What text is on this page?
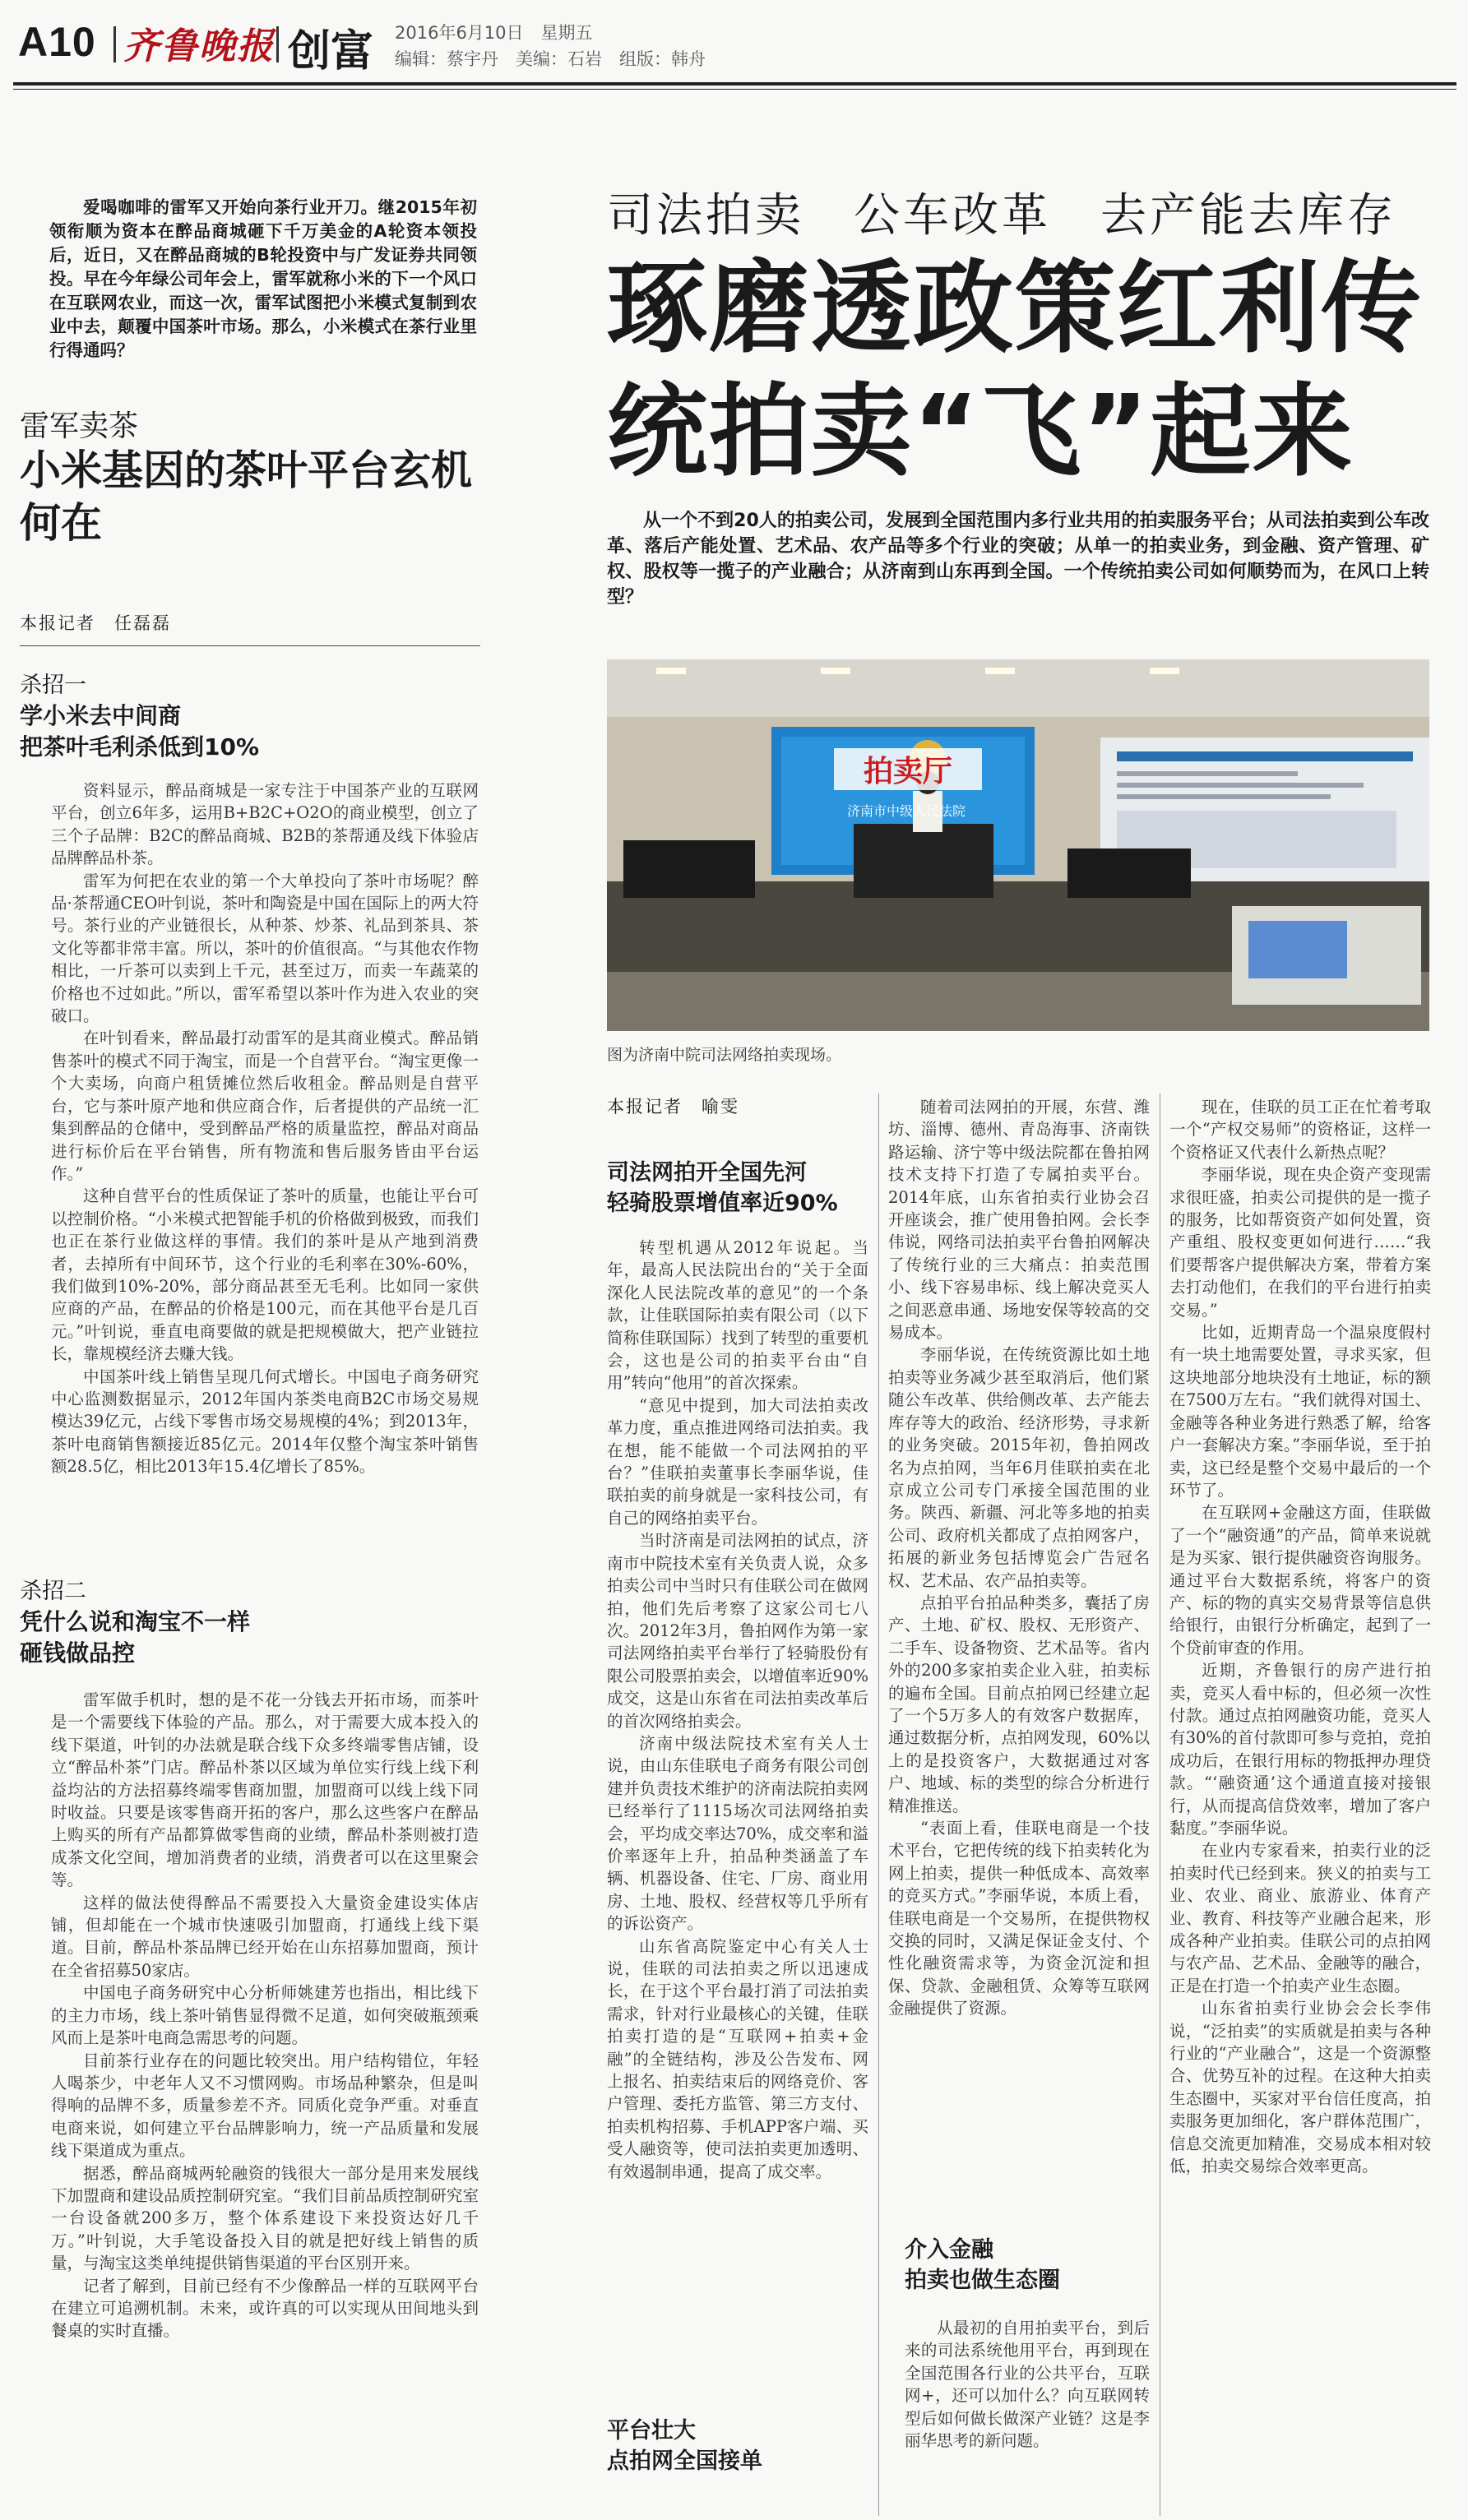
A10 齐鲁晚报 创富 2016年6月10日　 星期五
编辑：蔡宇丹　美编：石岩　组版：韩舟
爱喝咖啡的雷军又开始向茶行业开刀。继2015年初领衔顺为资本在醉品商城砸下千万美金的A轮资本领投后，近日，又在醉品商城的B轮投资中与广发证券共同领投。早在今年绿公司年会上，雷军就称小米的下一个风口在互联网农业，而这一次，雷军试图把小米模式复制到农业中去，颠覆中国茶叶市场。那么，小米模式在茶行业里行得通吗？
雷军卖茶
小米基因的茶叶平台玄机何在
本报记者　任磊磊
杀招一
学小米去中间商
把茶叶毛利杀低到10%

资料显示，醉品商城是一家专注于中国茶产业的互联网平台，创立6年多，运用B+B2C+O2O的商业模型，创立了三个子品牌：B2C的醉品商城、B2B的茶帮通及线下体验店品牌醉品朴茶。

雷军为何把在农业的第一个大单投向了茶叶市场呢？醉品·茶帮通CEO叶钊说，茶叶和陶瓷是中国在国际上的两大符号。茶行业的产业链很长，从种茶、炒茶、礼品到茶具、茶文化等都非常丰富。所以，茶叶的价值很高。“与其他农作物相比，一斤茶可以卖到上千元，甚至过万，而卖一车蔬菜的价格也不过如此。”所以，雷军希望以茶叶作为进入农业的突破口。

在叶钊看来，醉品最打动雷军的是其商业模式。醉品销售茶叶的模式不同于淘宝，而是一个自营平台。“淘宝更像一个大卖场，向商户租赁摊位然后收租金。醉品则是自营平台，它与茶叶原产地和供应商合作，后者提供的产品统一汇集到醉品的仓储中，受到醉品严格的质量监控，醉品对商品进行标价后在平台销售，所有物流和售后服务皆由平台运作。”

这种自营平台的性质保证了茶叶的质量，也能让平台可以控制价格。“小米模式把智能手机的价格做到极致，而我们也正在茶行业做这样的事情。我们的茶叶是从产地到消费者，去掉所有中间环节，这个行业的毛利率在30%-60%，我们做到10%-20%，部分商品甚至无毛利。比如同一家供应商的产品，在醉品的价格是100元，而在其他平台是几百元。”叶钊说，垂直电商要做的就是把规模做大，把产业链拉长，靠规模经济去赚大钱。

中国茶叶线上销售呈现几何式增长。中国电子商务研究中心监测数据显示，2012年国内茶类电商B2C市场交易规模达39亿元，占线下零售市场交易规模的4%；到2013年，茶叶电商销售额接近85亿元。2014年仅整个淘宝茶叶销售额28.5亿，相比2013年15.4亿增长了85%。

杀招二
凭什么说和淘宝不一样
砸钱做品控

雷军做手机时，想的是不花一分钱去开拓市场，而茶叶是一个需要线下体验的产品。那么，对于需要大成本投入的线下渠道，叶钊的办法就是联合线下众多终端零售店铺，设立“醉品朴茶”门店。醉品朴茶以区域为单位实行线上线下利益均沾的方法招募终端零售商加盟，加盟商可以线上线下同时收益。只要是该零售商开拓的客户，那么这些客户在醉品上购买的所有产品都算做零售商的业绩，醉品朴茶则被打造成茶文化空间，增加消费者的业绩，消费者可以在这里聚会等。

这样的做法使得醉品不需要投入大量资金建设实体店铺，但却能在一个城市快速吸引加盟商，打通线上线下渠道。目前，醉品朴茶品牌已经开始在山东招募加盟商，预计在全省招募50家店。

中国电子商务研究中心分析师姚建芳也指出，相比线下的主力市场，线上茶叶销售显得微不足道，如何突破瓶颈乘风而上是茶叶电商急需思考的问题。

目前茶行业存在的问题比较突出。用户结构错位，年轻人喝茶少，中老年人又不习惯网购。市场品种繁杂，但是叫得响的品牌不多，质量参差不齐。同质化竞争严重。对垂直电商来说，如何建立平台品牌影响力，统一产品质量和发展线下渠道成为重点。

据悉，醉品商城两轮融资的钱很大一部分是用来发展线下加盟商和建设品质控制研究室。“我们目前品质控制研究室一台设备就200多万，整个体系建设下来投资达好几千万。”叶钊说，大手笔设备投入目的就是把好线上销售的质量，与淘宝这类单纯提供销售渠道的平台区别开来。

记者了解到，目前已经有不少像醉品一样的互联网平台在建立可追溯机制。未来，或许真的可以实现从田间地头到餐桌的实时直播。

司法拍卖　公车改革　去产能去库存
琢磨透政策红利传统拍卖“飞”起来
从一个不到20人的拍卖公司，发展到全国范围内多行业共用的拍卖服务平台；从司法拍卖到公车改革、落后产能处置、艺术品、农产品等多个行业的突破；从单一的拍卖业务，到金融、资产管理、矿权、股权等一揽子的产业融合；从济南到山东再到全国。一个传统拍卖公司如何顺势而为，在风口上转型？
拍卖厅
济南市中级人民法院
图为济南中院司法网络拍卖现场。
本报记者　喻雯
司法网拍开全国先河
轻骑股票增值率近90%

转型机遇从2012年说起。当年，最高人民法院出台的“关于全面深化人民法院改革的意见”的一个条款，让佳联国际拍卖有限公司（以下简称佳联国际）找到了转型的重要机会，这也是公司的拍卖平台由“自用”转向“他用”的首次探索。

“意见中提到，加大司法拍卖改革力度，重点推进网络司法拍卖。我在想，能不能做一个司法网拍的平台？”佳联拍卖董事长李丽华说，佳联拍卖的前身就是一家科技公司，有自己的网络拍卖平台。

当时济南是司法网拍的试点，济南市中院技术室有关负责人说，众多拍卖公司中当时只有佳联公司在做网拍，他们先后考察了这家公司七八次。2012年3月，鲁拍网作为第一家司法网络拍卖平台举行了轻骑股份有限公司股票拍卖会，以增值率近90%成交，这是山东省在司法拍卖改革后的首次网络拍卖会。

济南中级法院技术室有关人士说，由山东佳联电子商务有限公司创建并负责技术维护的济南法院拍卖网已经举行了1115场次司法网络拍卖会，平均成交率达70%，成交率和溢价率逐年上升，拍品种类涵盖了车辆、机器设备、住宅、厂房、商业用房、土地、股权、经营权等几乎所有的诉讼资产。

山东省高院鉴定中心有关人士说，佳联的司法拍卖之所以迅速成长，在于这个平台最打消了司法拍卖需求，针对行业最核心的关键，佳联拍卖打造的是“互联网+拍卖+金融”的全链结构，涉及公告发布、网上报名、拍卖结束后的网络竞价、客户管理、委托方监管、第三方支付、拍卖机构招募、手机APP客户端、买受人融资等，使司法拍卖更加透明、有效遏制串通，提高了成交率。

平台壮大
点拍网全国接单

随着司法网拍的开展，东营、潍坊、淄博、德州、青岛海事、济南铁路运输、济宁等中级法院都在鲁拍网技术支持下打造了专属拍卖平台。2014年底，山东省拍卖行业协会召开座谈会，推广使用鲁拍网。会长李伟说，网络司法拍卖平台鲁拍网解决了传统行业的三大痛点：拍卖范围小、线下容易串标、线上解决竞买人之间恶意串通、场地安保等较高的交易成本。

李丽华说，在传统资源比如土地拍卖等业务减少甚至取消后，他们紧随公车改革、供给侧改革、去产能去库存等大的政治、经济形势，寻求新的业务突破。2015年初，鲁拍网改名为点拍网，当年6月佳联拍卖在北京成立公司专门承接全国范围的业务。陕西、新疆、河北等多地的拍卖公司、政府机关都成了点拍网客户，拓展的新业务包括博览会广告冠名权、艺术品、农产品拍卖等。

点拍平台拍品种类多，囊括了房产、土地、矿权、股权、无形资产、二手车、设备物资、艺术品等。省内外的200多家拍卖企业入驻，拍卖标的遍布全国。目前点拍网已经建立起了一个5万多人的有效客户数据库，通过数据分析，点拍网发现，60%以上的是投资客户，大数据通过对客户、地域、标的类型的综合分析进行精准推送。

“表面上看，佳联电商是一个技术平台，它把传统的线下拍卖转化为网上拍卖，提供一种低成本、高效率的竞买方式。”李丽华说，本质上看，佳联电商是一个交易所，在提供物权交换的同时，又满足保证金支付、个性化融资需求等，为资金沉淀和担保、贷款、金融租赁、众筹等互联网金融提供了资源。

介入金融
拍卖也做生态圈

从最初的自用拍卖平台，到后来的司法系统他用平台，再到现在全国范围各行业的公共平台，互联网+，还可以加什么？向互联网转型后如何做长做深产业链？这是李丽华思考的新问题。

现在，佳联的员工正在忙着考取一个“产权交易师”的资格证，这样一个资格证又代表什么新热点呢？

李丽华说，现在央企资产变现需求很旺盛，拍卖公司提供的是一揽子的服务，比如帮资资产如何处置，资产重组、股权变更如何进行……“我们要帮客户提供解决方案，带着方案去打动他们，在我们的平台进行拍卖交易。”

比如，近期青岛一个温泉度假村有一块土地需要处置，寻求买家，但这块地部分地块没有土地证，标的额在7500万左右。“我们就得对国土、金融等各种业务进行熟悉了解，给客户一套解决方案。”李丽华说，至于拍卖，这已经是整个交易中最后的一个环节了。

在互联网+金融这方面，佳联做了一个“融资通”的产品，简单来说就是为买家、银行提供融资咨询服务。通过平台大数据系统，将客户的资产、标的物的真实交易背景等信息供给银行，由银行分析确定，起到了一个贷前审查的作用。

近期，齐鲁银行的房产进行拍卖，竞买人看中标的，但必须一次性付款。通过点拍网融资功能，竞买人有30%的首付款即可参与竞拍，竞拍成功后，在银行用标的物抵押办理贷款。“‘融资通’这个通道直接对接银行，从而提高信贷效率，增加了客户黏度。”李丽华说。

在业内专家看来，拍卖行业的泛拍卖时代已经到来。狭义的拍卖与工业、农业、商业、旅游业、体育产业、教育、科技等产业融合起来，形成各种产业拍卖。佳联公司的点拍网与农产品、艺术品、金融等的融合，正是在打造一个拍卖产业生态圈。

山东省拍卖行业协会会长李伟说，“泛拍卖”的实质就是拍卖与各种行业的“产业融合”，这是一个资源整合、优势互补的过程。在这种大拍卖生态圈中，买家对平台信任度高，拍卖服务更加细化，客户群体范围广，信息交流更加精准，交易成本相对较低，拍卖交易综合效率更高。
